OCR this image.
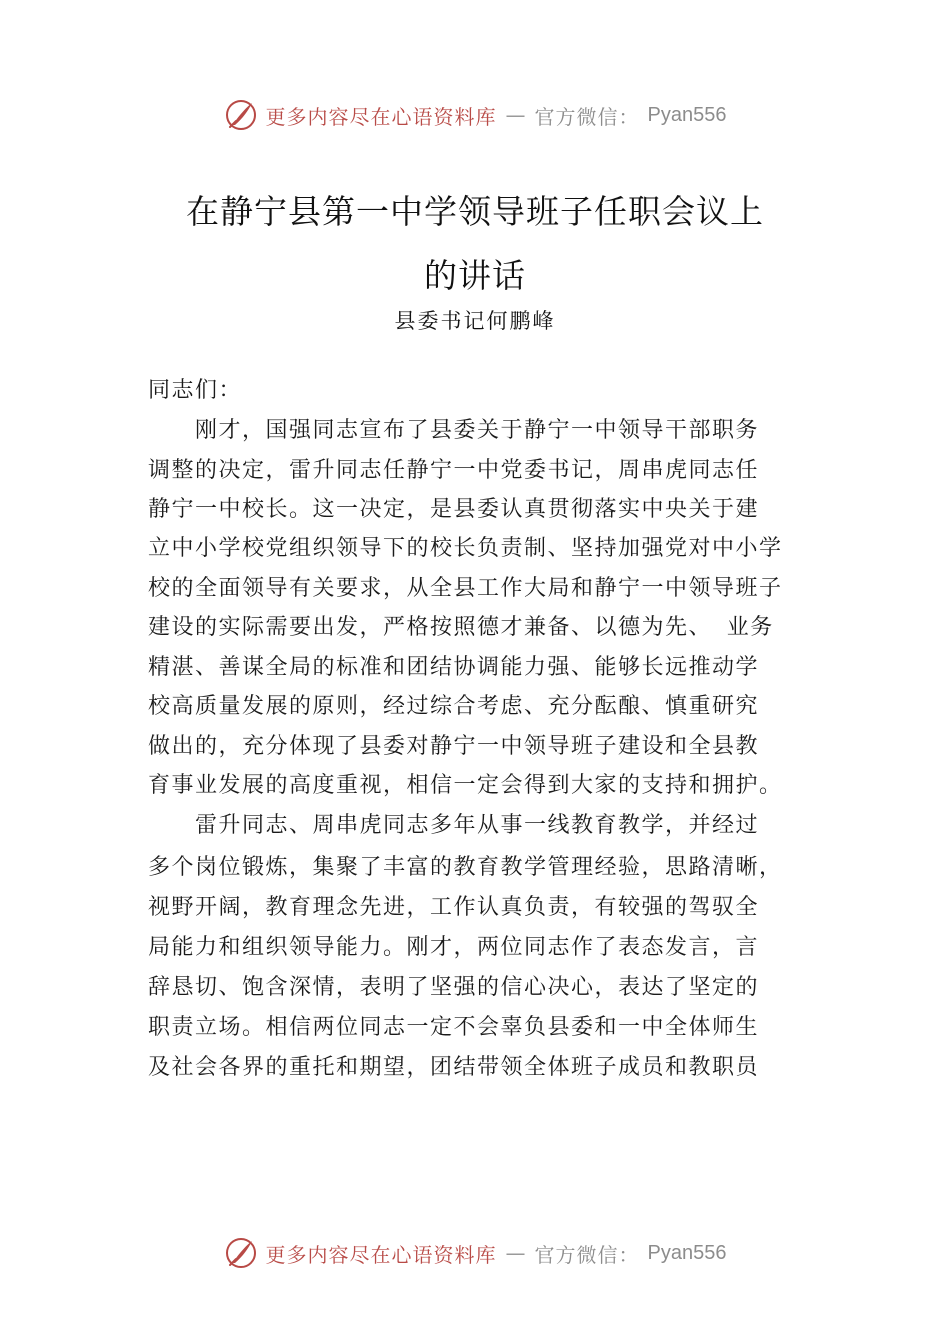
更多内容尽在心语资料库 — 官方微信： Pyan556
在静宁县第一中学领导班子任职会议上
的讲话
县委书记何鹏峰

同志们：

　　刚才，国强同志宣布了县委关于静宁一中领导干部职务

调整的决定，雷升同志任静宁一中党委书记，周串虎同志任

静宁一中校长。这一决定，是县委认真贯彻落实中央关于建

立中小学校党组织领导下的校长负责制、坚持加强党对中小学

校的全面领导有关要求，从全县工作大局和静宁一中领导班子

建设的实际需要出发，严格按照德才兼备、以德为先、 业务

精湛、善谋全局的标准和团结协调能力强、能够长远推动学

校高质量发展的原则，经过综合考虑、充分酝酿、慎重研究

做出的，充分体现了县委对静宁一中领导班子建设和全县教

育事业发展的高度重视，相信一定会得到大家的支持和拥护。

　　雷升同志、周串虎同志多年从事一线教育教学，并经过

多个岗位锻炼，集聚了丰富的教育教学管理经验，思路清晰，

视野开阔，教育理念先进，工作认真负责，有较强的驾驭全

局能力和组织领导能力。刚才，两位同志作了表态发言，言

辞恳切、饱含深情，表明了坚强的信心决心，表达了坚定的

职责立场。相信两位同志一定不会辜负县委和一中全体师生

及社会各界的重托和期望，团结带领全体班子成员和教职员

更多内容尽在心语资料库 — 官方微信： Pyan556
